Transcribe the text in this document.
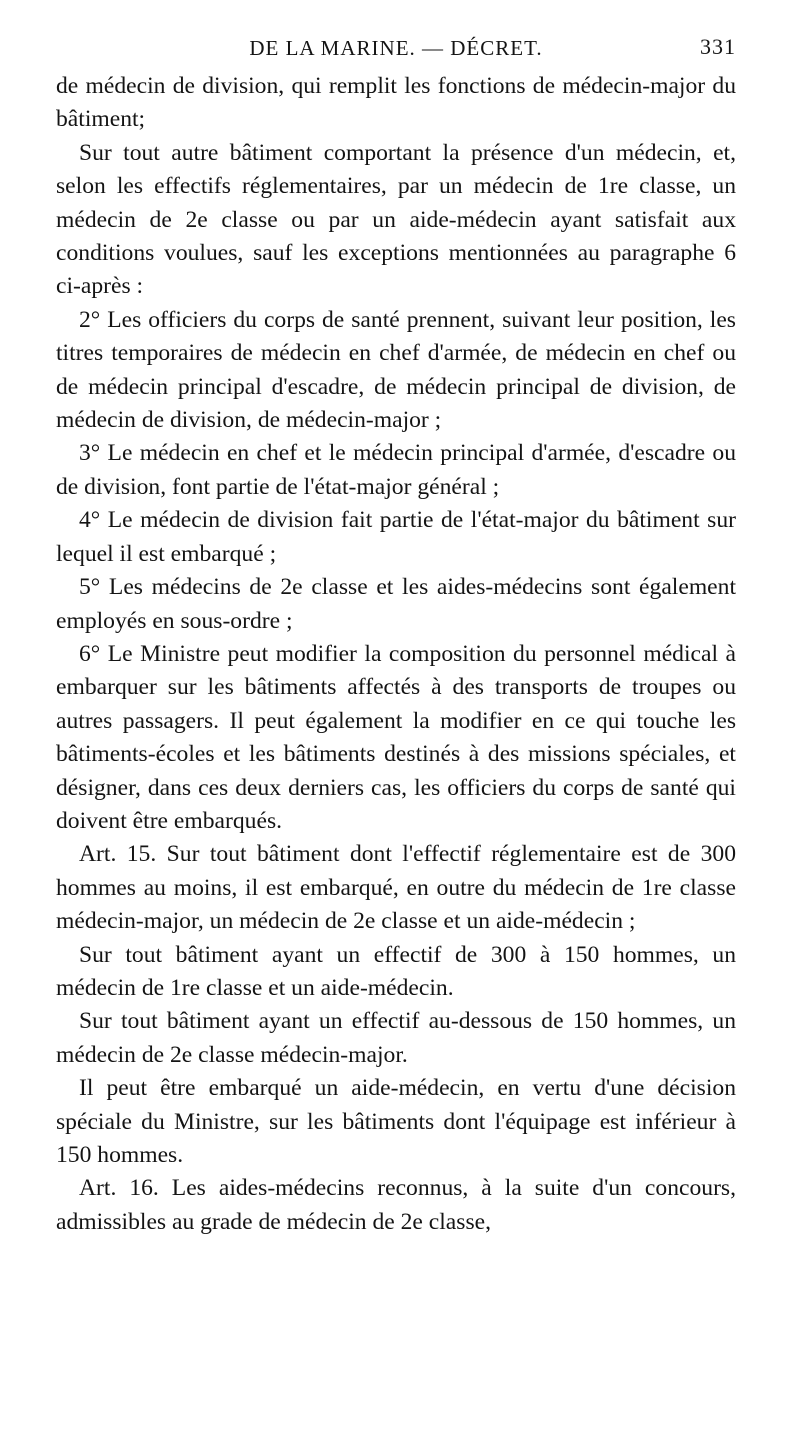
DE LA MARINE. — DÉCRET.	331

de médecin de division, qui remplit les fonctions de médecin-major du bâtiment;

Sur tout autre bâtiment comportant la présence d'un médecin, et, selon les effectifs réglementaires, par un médecin de 1re classe, un médecin de 2e classe ou par un aide-médecin ayant satisfait aux conditions voulues, sauf les exceptions mentionnées au paragraphe 6 ci-après :

2° Les officiers du corps de santé prennent, suivant leur position, les titres temporaires de médecin en chef d'armée, de médecin en chef ou de médecin principal d'escadre, de médecin principal de division, de médecin de division, de médecin-major ;

3° Le médecin en chef et le médecin principal d'armée, d'escadre ou de division, font partie de l'état-major général ;

4° Le médecin de division fait partie de l'état-major du bâtiment sur lequel il est embarqué ;

5° Les médecins de 2e classe et les aides-médecins sont également employés en sous-ordre ;

6° Le Ministre peut modifier la composition du personnel médical à embarquer sur les bâtiments affectés à des transports de troupes ou autres passagers. Il peut également la modifier en ce qui touche les bâtiments-écoles et les bâtiments destinés à des missions spéciales, et désigner, dans ces deux derniers cas, les officiers du corps de santé qui doivent être embarqués.

Art. 15. Sur tout bâtiment dont l'effectif réglementaire est de 300 hommes au moins, il est embarqué, en outre du médecin de 1re classe médecin-major, un médecin de 2e classe et un aide-médecin ;

Sur tout bâtiment ayant un effectif de 300 à 150 hommes, un médecin de 1re classe et un aide-médecin.

Sur tout bâtiment ayant un effectif au-dessous de 150 hommes, un médecin de 2e classe médecin-major.

Il peut être embarqué un aide-médecin, en vertu d'une décision spéciale du Ministre, sur les bâtiments dont l'équipage est inférieur à 150 hommes.

Art. 16. Les aides-médecins reconnus, à la suite d'un concours, admissibles au grade de médecin de 2e classe,
